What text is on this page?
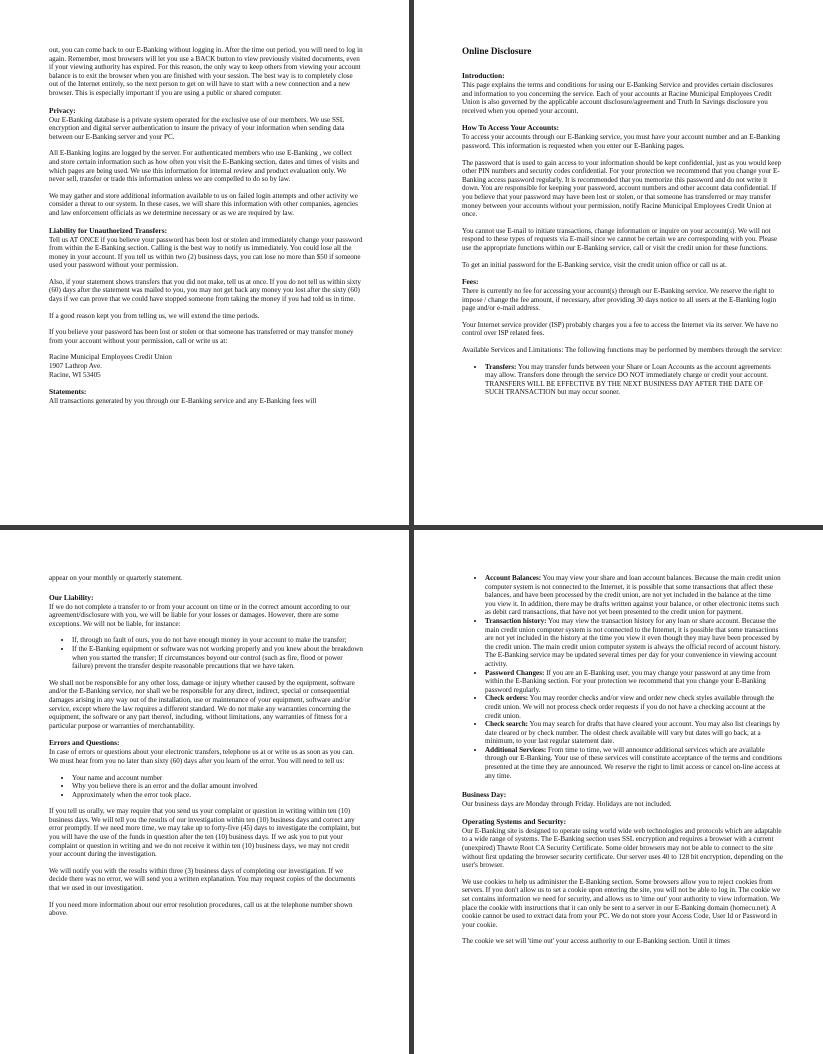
out, you can come back to our E-Banking without logging in. After the time out period, you will need to log in again. Remember, most browsers will let you use a BACK button to view previously visited documents, even if your viewing authority has expired. For this reason, the only way to keep others from viewing your account balance is to exit the browser when you are finished with your session. The best way is to completely close out of the Internet entirely, so the next person to get on will have to start with a new connection and a new browser. This is especially important if you are using a public or shared computer.

Privacy:

Our E-Banking database is a private system operated for the exclusive use of our members. We use SSL encryption and digital server authentication to insure the privacy of your information when sending data between our E-Banking server and your PC.

All E-Banking logins are logged by the server. For authenticated members who use E-Banking , we collect and store certain information such as how often you visit the E-Banking section, dates and times of visits and which pages are being used. We use this information for internal review and product evaluation only. We never sell, transfer or trade this information unless we are compelled to do so by law.

We may gather and store additional information available to us on failed login attempts and other activity we consider a threat to our system. In these cases, we will share this information with other companies, agencies and law enforcement officials as we determine necessary or as we are required by law.

Liability for Unauthorized Transfers:

Tell us AT ONCE if you believe your password has been lost or stolen and immediately change your password from within the E-Banking section. Calling is the best way to notify us immediately. You could lose all the money in your account. If you tell us within two (2) business days, you can lose no more than $50 if someone used your password without your permission.

Also, if your statement shows transfers that you did not make, tell us at once. If you do not tell us within sixty (60) days after the statement was mailed to you, you may not get back any money you lost after the sixty (60) days if we can prove that we could have stopped someone from taking the money if you had told us in time.

If a good reason kept you from telling us, we will extend the time periods.

If you believe your password has been lost or stolen or that someone has transferred or may transfer money from your account without your permission, call or write us at:

Racine Municipal Employees Credit Union
1907 Lathrop Ave.
Racine, WI 53405
Statements:

All transactions generated by you through our E-Banking service and any E-Banking fees will

Online Disclosure
Introduction:

This page explains the terms and conditions for using our E-Banking Service and provides certain disclosures and information to you concerning the service. Each of your accounts at Racine Municipal Employees Credit Union is also governed by the applicable account disclosure/agreement and Truth In Savings disclosure you received when you opened your account.

How To Access Your Accounts:

To access your accounts through our E-Banking service, you must have your account number and an E-Banking password. This information is requested when you enter our E-Banking pages.

The password that is used to gain access to your information should be kept confidential, just as you would keep other PIN numbers and security codes confidential. For your protection we recommend that you change your E-Banking access password regularly. It is recommended that you memorize this password and do not write it down. You are responsible for keeping your password, account numbers and other account data confidential. If you believe that your password may have been lost or stolen, or that someone has transferred or may transfer money between your accounts without your permission, notify Racine Municipal Employees Credit Union at once.

You cannot use E-mail to initiate transactions, change information or inquire on your account(s). We will not respond to these types of requests via E-mail since we cannot be certain we are corresponding with you. Please use the appropriate functions within our E-Banking service, call or visit the credit union for these functions.

To get an initial password for the E-Banking service, visit the credit union office or call us at.

Fees:

There is currently no fee for accessing your account(s) through our E-Banking service. We reserve the right to impose / change the fee amount, if necessary, after providing 30 days notice to all users at the E-Banking login page and/or e-mail address.

Your Internet service provider (ISP) probably charges you a fee to access the Internet via its server. We have no control over ISP related fees.

Available Services and Limitations: The following functions may be performed by members through the service:

• Transfers: You may transfer funds between your Share or Loan Accounts as the account agreements may allow. Transfers done through the service DO NOT immediately charge or credit your account. TRANSFERS WILL BE EFFECTIVE BY THE NEXT BUSINESS DAY AFTER THE DATE OF SUCH TRANSACTION but may occur sooner.

appear on your monthly or quarterly statement.

Our Liability:

If we do not complete a transfer to or from your account on time or in the correct amount according to our agreement/disclosure with you, we will be liable for your losses or damages. However, there are some exceptions. We will not be liable, for instance:

• If, through no fault of ours, you do not have enough money in your account to make the transfer;
• If the E-Banking equipment or software was not working properly and you knew about the breakdown when you started the transfer; If circumstances beyond our control (such as fire, flood or power failure) prevent the transfer despite reasonable precautions that we have taken.

We shall not be responsible for any other loss, damage or injury whether caused by the equipment, software and/or the E-Banking service, nor shall we be responsible for any direct, indirect, special or consequential damages arising in any way out of the installation, use or maintenance of your equipment, software and/or service, except where the law requires a different standard. We do not make any warranties concerning the equipment, the software or any part thereof, including, without limitations, any warranties of fitness for a particular purpose or warranties of merchantability.

Errors and Questions:

In case of errors or questions about your electronic transfers, telephone us at or write us as soon as you can. We must hear from you no later than sixty (60) days after you learn of the error. You will need to tell us:

• Your name and account number
• Why you believe there is an error and the dollar amount involved
• Approximately when the error took place.

If you tell us orally, we may require that you send us your complaint or question in writing within ten (10) business days. We will tell you the results of our investigation within ten (10) business days and correct any error promptly. If we need more time, we may take up to forty-five (45) days to investigate the complaint, but you will have the use of the funds in question after the ten (10) business days. If we ask you to put your complaint or question in writing and we do not receive it within ten (10) business days, we may not credit your account during the investigation.

We will notify you with the results within three (3) business days of completing our investigation. If we decide there was no error, we will send you a written explanation. You may request copies of the documents that we used in our investigation.

If you need more information about our error resolution procedures, call us at the telephone number shown above.

• Account Balances: You may view your share and loan account balances. Because the main credit union computer system is not connected to the Internet, it is possible that some transactions that affect these balances, and have been processed by the credit union, are not yet included in the balance at the time you view it. In addition, there may be drafts written against your balance, or other electronic items such as debit card transactions, that have not yet been presented to the credit union for payment.
• Transaction history: You may view the transaction history for any loan or share account. Because the main credit union computer system is not connected to the Internet, it is possible that some transactions are not yet included in the history at the time you view it even though they may have been processed by the credit union. The main credit union computer system is always the official record of account history. The E-Banking service may be updated several times per day for your convenience in viewing account activity.
• Password Changes: If you are an E-Banking user, you may change your password at any time from within the E-Banking section. For your protection we recommend that you change your E-Banking password regularly.
• Check orders: You may reorder checks and/or view and order new check styles available through the credit union. We will not process check order requests if you do not have a checking account at the credit union.
• Check search: You may search for drafts that have cleared your account. You may also list clearings by date cleared or by check number. The oldest check available will vary but dates will go back, at a minimum, to your last regular statement date.
• Additional Services: From time to time, we will announce additional services which are available through our E-Banking. Your use of these services will constitute acceptance of the terms and conditions presented at the time they are announced. We reserve the right to limit access or cancel on-line access at any time.
Business Day:

Our business days are Monday through Friday. Holidays are not included.

Operating Systems and Security:

Our E-Banking site is designed to operate using world wide web technologies and protocols which are adaptable to a wide range of systems. The E-Banking section uses SSL encryption and requires a browser with a current (unexpired) Thawte Root CA Security Certificate. Some older browsers may not be able to connect to the site without first updating the browser security certificate. Our server uses 40 to 128 bit encryption, depending on the user's browser.

We use cookies to help us administer the E-Banking section. Some browsers allow you to reject cookies from servers. If you don't allow us to set a cookie upon entering the site, you will not be able to log in. The cookie we set contains information we need for security, and allows us to 'time out' your authority to view information. We place the cookie with instructions that it can only be sent to a server in our E-Banking domain (homecu.net). A cookie cannot be used to extract data from your PC. We do not store your Access Code, User Id or Password in your cookie.

The cookie we set will 'time out' your access authority to our E-Banking section. Until it times
